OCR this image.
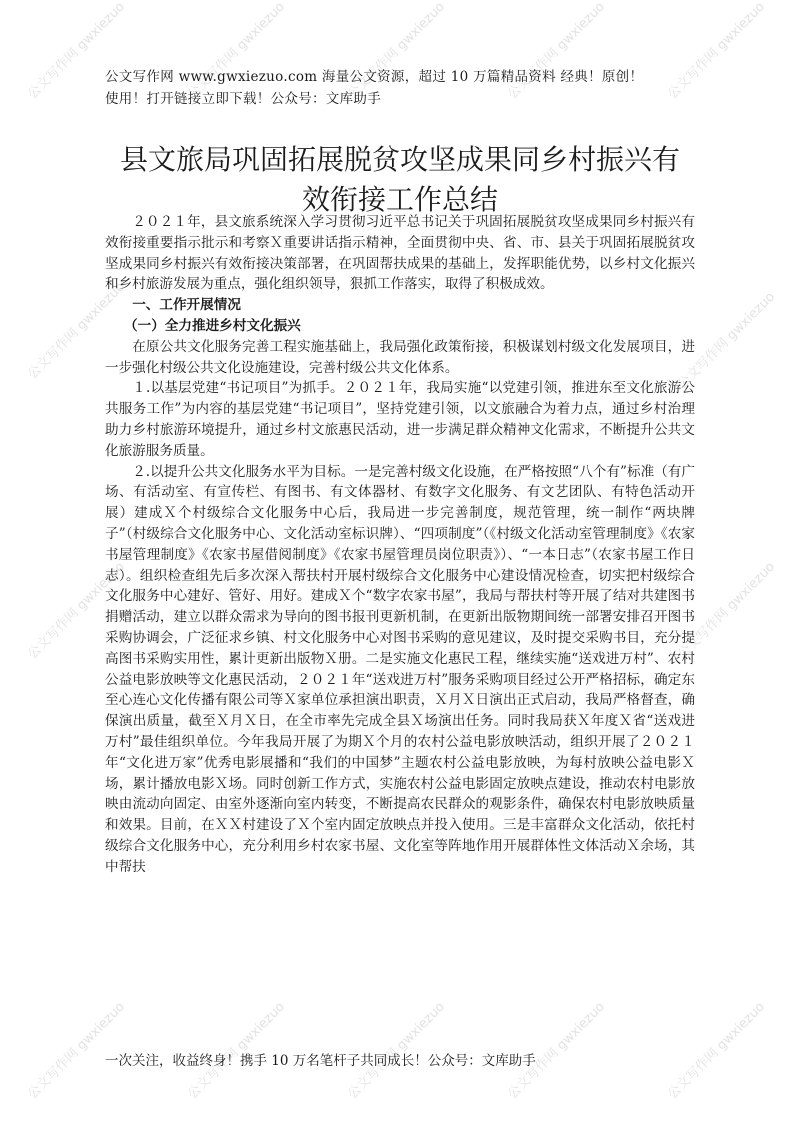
公文写作网 gwxiezuo	公文写作网 gwxiezuo	公文写作网 gwxiezuo	公文写作网 gwxiezuo	公文写作网 gwxiezuo
公文写作网 gwxiezuo	公文写作网 gwxiezuo
公文写作网 gwxiezuo	公文写作网 gwxiezuo
公文写作网 gwxiezuo	公文写作网 gwxiezuo	公文写作网 gwxiezuo	公文写作网 gwxiezuo	公文写作网 gwxiezuo
公文写作网 www.gwxiezuo.com 海量公文资源，超过 10 万篇精品资料 经典！原创！
使用！打开链接立即下载！公众号：文库助手
县文旅局巩固拓展脱贫攻坚成果同乡村振兴有
效衔接工作总结

２０２１年，县文旅系统深入学习贯彻习近平总书记关于巩固拓展脱贫攻坚成果同乡村振兴有效衔接重要指示批示和考察Ｘ重要讲话指示精神，全面贯彻中央、省、市、县关于巩固拓展脱贫攻坚成果同乡村振兴有效衔接决策部署，在巩固帮扶成果的基础上，发挥职能优势，以乡村文化振兴和乡村旅游发展为重点，强化组织领导，狠抓工作落实，取得了积极成效。

一、工作开展情况
（一）全力推进乡村文化振兴

在原公共文化服务完善工程实施基础上，我局强化政策衔接，积极谋划村级文化发展项目，进一步强化村级公共文化设施建设，完善村级公共文化体系。

１.以基层党建“书记项目”为抓手。２０２１年，我局实施“以党建引领，推进东至文化旅游公共服务工作”为内容的基层党建“书记项目”，坚持党建引领，以文旅融合为着力点，通过乡村治理助力乡村旅游环境提升，通过乡村文旅惠民活动，进一步满足群众精神文化需求，不断提升公共文化旅游服务质量。

２.以提升公共文化服务水平为目标。一是完善村级文化设施，在严格按照“八个有”标准（有广场、有活动室、有宣传栏、有图书、有文体器材、有数字文化服务、有文艺团队、有特色活动开展）建成Ｘ个村级综合文化服务中心后，我局进一步完善制度，规范管理，统一制作“两块牌子”（村级综合文化服务中心、文化活动室标识牌）、“四项制度”（《村级文化活动室管理制度》《农家书屋管理制度》《农家书屋借阅制度》《农家书屋管理员岗位职责》）、“一本日志”（农家书屋工作日志）。组织检查组先后多次深入帮扶村开展村级综合文化服务中心建设情况检查，切实把村级综合文化服务中心建好、管好、用好。建成Ｘ个“数字农家书屋”，我局与帮扶村等开展了结对共建图书捐赠活动，建立以群众需求为导向的图书报刊更新机制，在更新出版物期间统一部署安排召开图书采购协调会，广泛征求乡镇、村文化服务中心对图书采购的意见建议，及时提交采购书目，充分提高图书采购实用性，累计更新出版物Ｘ册。二是实施文化惠民工程，继续实施“送戏进万村”、农村公益电影放映等文化惠民活动，２０２１年“送戏进万村”服务采购项目经过公开严格招标，确定东至心连心文化传播有限公司等Ｘ家单位承担演出职责，Ｘ月Ｘ日演出正式启动，我局严格督查，确保演出质量，截至Ｘ月Ｘ日，在全市率先完成全县Ｘ场演出任务。同时我局获Ｘ年度Ｘ省“送戏进万村”最佳组织单位。今年我局开展了为期Ｘ个月的农村公益电影放映活动，组织开展了２０２１年“文化进万家”优秀电影展播和“我们的中国梦”主题农村公益电影放映，为每村放映公益电影Ｘ场，累计播放电影Ｘ场。同时创新工作方式，实施农村公益电影固定放映点建设，推动农村电影放映由流动向固定、由室外逐渐向室内转变，不断提高农民群众的观影条件，确保农村电影放映质量和效果。目前，在ＸＸ村建设了Ｘ个室内固定放映点并投入使用。三是丰富群众文化活动，依托村级综合文化服务中心，充分利用乡村农家书屋、文化室等阵地作用开展群体性文体活动Ｘ余场，其中帮扶

一次关注，收益终身！携手 10 万名笔杆子共同成长！公众号：文库助手
